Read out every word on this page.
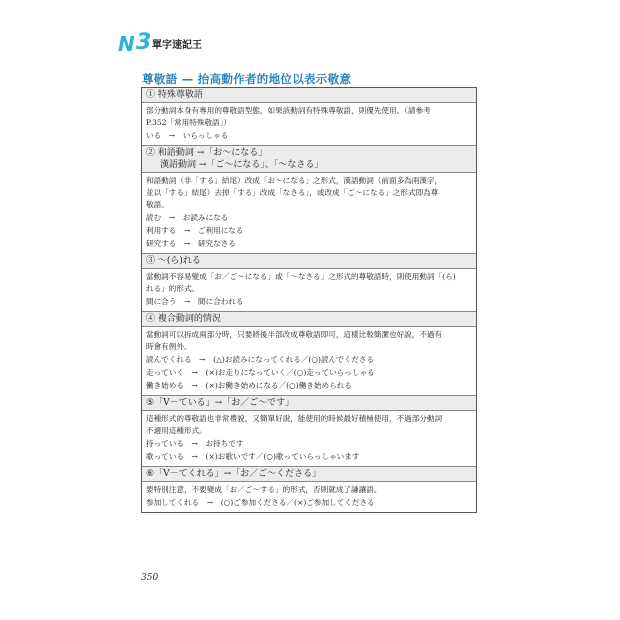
N 3 單字速記王
尊敬語 — 抬高動作者的地位以表示敬意
① 特殊尊敬語
部分動詞本身有專用的尊敬語型態，如果該動詞有特殊尊敬語，則優先使用。（請參考
P.352「常用特殊敬語」）
いる　→　いらっしゃる
② 和語動詞 →「お～になる」
漢語動詞 →「ご～になる」、「～なさる」
和語動詞（非「する」結尾）改成「お～になる」之形式，漢語動詞（前面多為兩漢字，
並以「する」結尾）去掉「する」改成「なさる」，或改成「ご～になる」之形式即為尊
敬語。
読む　→　お読みになる
利用する　→　ご利用になる
研究する　→　研究なさる
③ ～(ら)れる
當動詞不容易變成「お／ご～になる」或「～なさる」之形式的尊敬語時，則使用動詞「(ら)
れる」的形式。
間に合う　→　間に合われる
④ 複合動詞的情況
當動詞可以拆成兩部分時，只要將後半部改成尊敬語即可，這樣比較簡潔也好說，不過有
時會有例外。
読んでくれる　→　(△)お読みになってくれる／(○)読んでくださる
走っていく　→　(×)お走りになっていく／(○)走っていらっしゃる
働き始める　→　(×)お働き始めになる／(○)働き始められる
⑤「V－ている」→「お／ご～です」
這種形式的尊敬語也非常禮貌，又簡單好說，能使用的時候最好積極使用，不過部分動詞
不適用這種形式。
持っている　→　お持ちです
歌っている　→　(×)お歌いです／(○)歌っていらっしゃいます
⑥「V－てくれる」→「お／ご～くださる」
要特別注意，不要變成「お／ご～する」的形式，否則就成了謙讓語。
参加してくれる　→　(○)ご参加くださる／(×)ご参加してくださる
350
